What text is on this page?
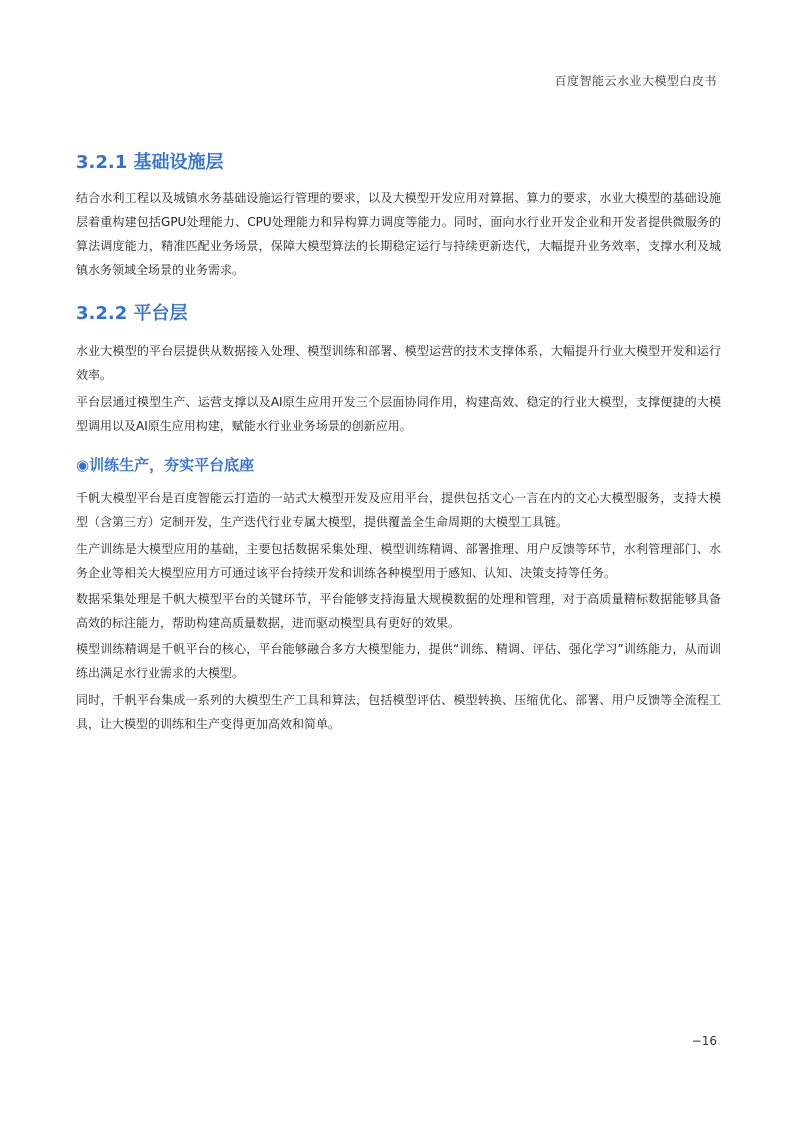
百度智能云水业大模型白皮书
3.2.1 基础设施层

结合水利工程以及城镇水务基础设施运行管理的要求，以及大模型开发应用对算据、算力的要求，水业大模型的基础设施层着重构建包括GPU处理能力、CPU处理能力和异构算力调度等能力。同时，面向水行业开发企业和开发者提供微服务的算法调度能力，精准匹配业务场景，保障大模型算法的长期稳定运行与持续更新迭代，大幅提升业务效率，支撑水利及城镇水务领域全场景的业务需求。

3.2.2 平台层

水业大模型的平台层提供从数据接入处理、模型训练和部署、模型运营的技术支撑体系，大幅提升行业大模型开发和运行效率。

平台层通过模型生产、运营支撑以及AI原生应用开发三个层面协同作用，构建高效、稳定的行业大模型，支撑便捷的大模型调用以及AI原生应用构建，赋能水行业业务场景的创新应用。

◉训练生产，夯实平台底座

千帆大模型平台是百度智能云打造的一站式大模型开发及应用平台，提供包括文心一言在内的文心大模型服务，支持大模型（含第三方）定制开发，生产迭代行业专属大模型，提供覆盖全生命周期的大模型工具链。

生产训练是大模型应用的基础，主要包括数据采集处理、模型训练精调、部署推理、用户反馈等环节，水利管理部门、水务企业等相关大模型应用方可通过该平台持续开发和训练各种模型用于感知、认知、决策支持等任务。

数据采集处理是千帆大模型平台的关键环节，平台能够支持海量大规模数据的处理和管理，对于高质量精标数据能够具备高效的标注能力，帮助构建高质量数据，进而驱动模型具有更好的效果。

模型训练精调是千帆平台的核心，平台能够融合多方大模型能力，提供“训练、精调、评估、强化学习”训练能力，从而训练出满足水行业需求的大模型。

同时，千帆平台集成一系列的大模型生产工具和算法，包括模型评估、模型转换、压缩优化、部署、用户反馈等全流程工具，让大模型的训练和生产变得更加高效和简单。

−16
